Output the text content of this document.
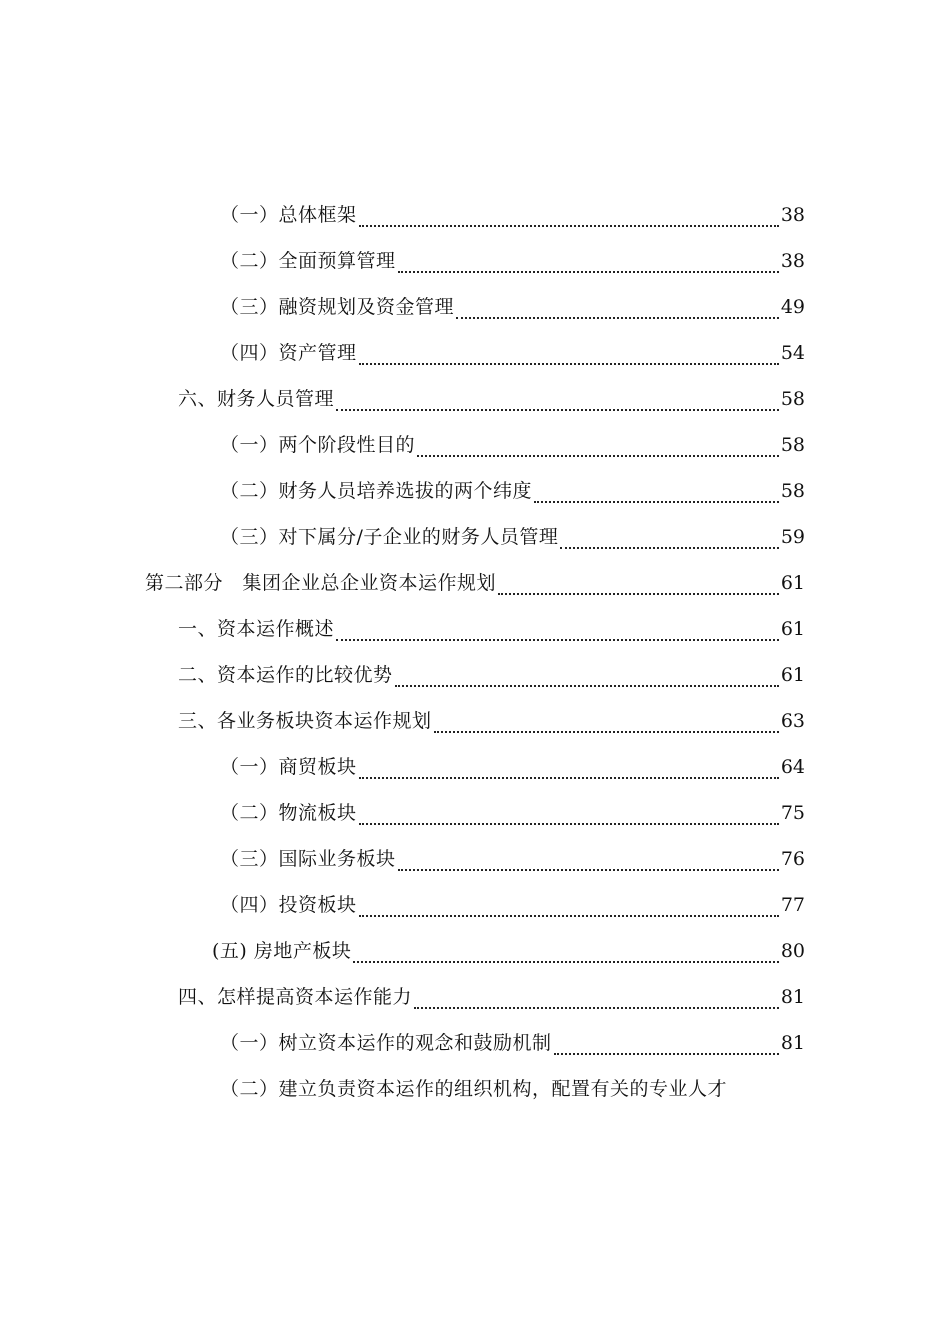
（一）总体框架	38
（二）全面预算管理	38
（三）融资规划及资金管理	49
（四）资产管理	54
六、财务人员管理	58
（一）两个阶段性目的	58
（二）财务人员培养选拔的两个纬度	58
（三）对下属分/子企业的财务人员管理	59
第二部分　集团企业总企业资本运作规划	61
一、资本运作概述	61
二、资本运作的比较优势	61
三、各业务板块资本运作规划	63
（一）商贸板块	64
（二）物流板块	75
（三）国际业务板块	76
（四）投资板块	77
(五) 房地产板块	80
四、怎样提高资本运作能力	81
（一）树立资本运作的观念和鼓励机制	81
（二）建立负责资本运作的组织机构，配置有关的专业人才
